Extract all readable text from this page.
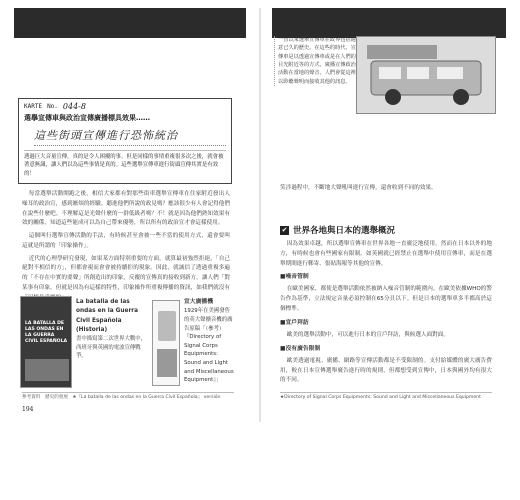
KARTE No. 044-8
選擧宣傳車與政治宣傳廣播標具效果……
這些街頭宣傳進行恐怖統治
透過巨大音量宣傳，真的是令人困擾的事。但是同樣的事情重複很多次之後，就會被著意無識，讓人們以為這些事情是真的。這些選舉宣傳車進行街頭宣傳其實是有效的！

每當選舉活動開跑之後，相信大家都有對那些街車選舉宣傳車在住家附近發出人噪耳的政治宣，感到厭煩的經驗。聽進他們所說的政見嗎？應該很少有人會記得他們在說些什麼吧。不理解這是光聲什麼的一群低級者嗎？不！就是因為他們熟知效果有效的關係，知道這些能成可以為自己帶來優勢，所以所有的政治宣才會這樣使用。

這個叫行選舉宣傳活動的手法，有時候甚至會被一些不當的使用方式，還會要叫這就是所謂的「印象操作」。

近代的心理學研究發現，如果某方面特別重要的方面，就算最初強烈拒絕，「自己絕對不相信的方」，但都會視而會會被持續拒的現象。因此，就誠信了透過重複多遍的「不存在中實的要聲」所創造出的印象，反覆的宣傳真的接收到新方。讓人們「對某事有印象。但就是因為有這樣的特性，印象操作所重複傳播的資訊，如我們就沒有

LA BATALLA DE LAS ONDAS EN LA GUERRA CIVIL ESPAÑOLA
La batalla de las ondas en la Guerra Civil Española (Historia)
書中描寫第二次世界大戰中，西班牙與英國的電波宣傳戰爭。
宣大廣播機
1929年在美國發售的英大聲擴音機的廣告原稿「（參考）『Directory of Signal Corps Equipments: Sound and Light and Miscellaneous Equipment』」
一直以來選舉宣傳車在政界包括過意已久的歷史。在這些的時代，宣傳車是以透過宣傳車或是在人們的目光附近等的方式，廣播宣傳政治活動在當地的聲音，人們會從這裡以聆聽聲明而接收其他的訊息。
笑涉過程中，不斷地大聲吼叫進行宣傳，還會收到不同的效果。
✔ 世界各地與日本的選舉概況

因為效果卓越，所以選舉宣傳車在世界各地一直廣泛地使用。然而在日本以外的地方，有時候也會有些國家有限制。如英國就已經禁止在選舉中使用宣傳車，而是在選舉期間進行郵寄、張貼海報等其他的宣傳。

■噪音管制

在歐美國家，都使是選舉活動依然被納入噪音管制的範圍內。在歐美依據WHO的警告作為基準，立法規定音量必須控制在65分貝以下。但是日本的選舉車多半都高於這個標準。

■宣戶拜訪

歐美的選舉活動中，可以進行日本的宣戶拜訪，與候選人面對面。

■沒有廣告限制

歐美透過電視、廣播、網路等宣傳活動都是不受限制的。支付給媒體的廣大廣告費用，較在日本宣傳選舉廣告進行時的規則，但都想受到宣傳中，日本與國外均有很大的不同。

參考資料　歷史的發展 ★『La batalla de las ondas en la Guerra Civil Española』 versión	★Directory of Signal Corps Equipments: Sound and Light and Miscellaneous Equipment
194
